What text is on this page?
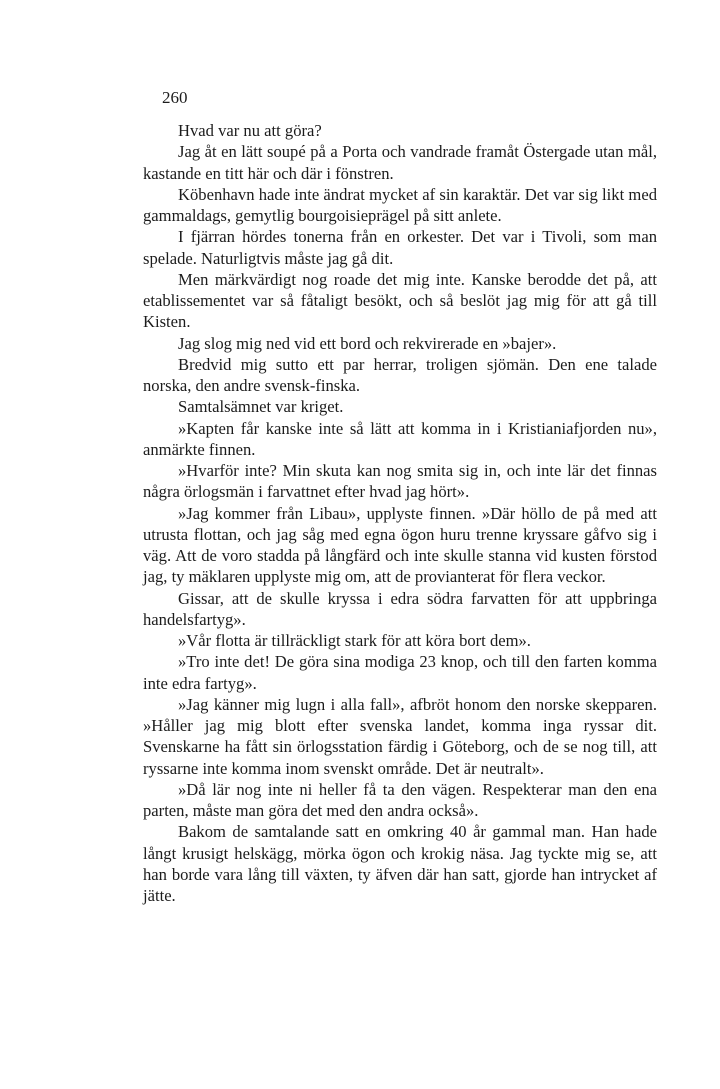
260

Hvad var nu att göra?

Jag åt en lätt soupé på a Porta och vandrade framåt Östergade utan mål, kastande en titt här och där i fönstren.

Köbenhavn hade inte ändrat mycket af sin karaktär. Det var sig likt med gammaldags, gemytlig bourgoisieprägel på sitt anlete.

I fjärran hördes tonerna från en orkester. Det var i Tivoli, som man spelade. Naturligtvis måste jag gå dit.

Men märkvärdigt nog roade det mig inte. Kanske berodde det på, att etablissementet var så fåtaligt besökt, och så beslöt jag mig för att gå till Kisten.

Jag slog mig ned vid ett bord och rekvirerade en »bajer».

Bredvid mig sutto ett par herrar, troligen sjömän. Den ene talade norska, den andre svensk-finska.

Samtalsämnet var kriget.

»Kapten får kanske inte så lätt att komma in i Kristianiafjorden nu», anmärkte finnen.

»Hvarför inte? Min skuta kan nog smita sig in, och inte lär det finnas några örlogsmän i farvattnet efter hvad jag hört».

»Jag kommer från Libau», upplyste finnen. »Där höllo de på med att utrusta flottan, och jag såg med egna ögon huru trenne kryssare gåfvo sig i väg. Att de voro stadda på långfärd och inte skulle stanna vid kusten förstod jag, ty mäklaren upplyste mig om, att de provianterat för flera veckor.

Gissar, att de skulle kryssa i edra södra farvatten för att uppbringa handelsfartyg».

»Vår flotta är tillräckligt stark för att köra bort dem».

»Tro inte det! De göra sina modiga 23 knop, och till den farten komma inte edra fartyg».

»Jag känner mig lugn i alla fall», afbröt honom den norske skepparen. »Håller jag mig blott efter svenska landet, komma inga ryssar dit. Svenskarne ha fått sin örlogsstation färdig i Göteborg, och de se nog till, att ryssarne inte komma inom svenskt område. Det är neutralt».

»Då lär nog inte ni heller få ta den vägen. Respekterar man den ena parten, måste man göra det med den andra också».

Bakom de samtalande satt en omkring 40 år gammal man. Han hade långt krusigt helskägg, mörka ögon och krokig näsa. Jag tyckte mig se, att han borde vara lång till växten, ty äfven där han satt, gjorde han intrycket af jätte.
